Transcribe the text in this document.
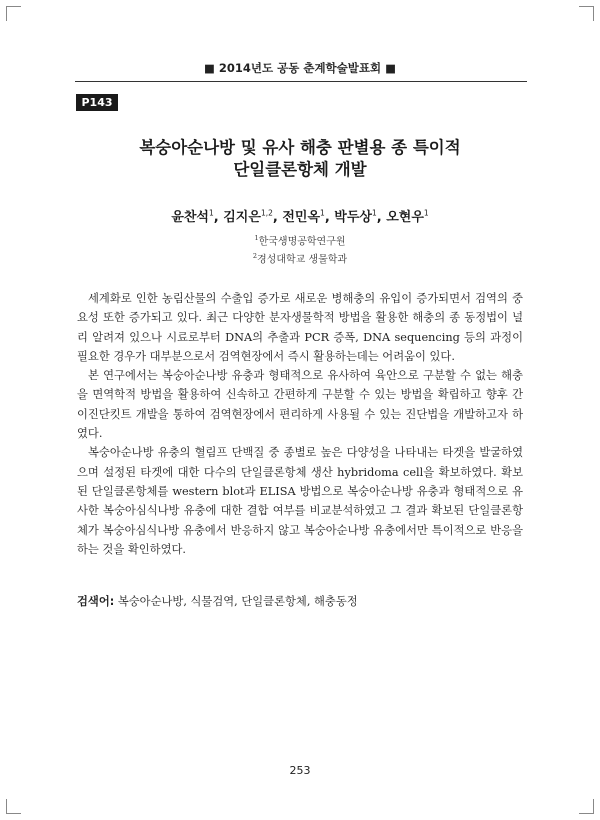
■ 2014년도 공동 춘계학술발표회 ■
P143
복숭아순나방 및 유사 해충 판별용 종 특이적
단일클론항체 개발
윤찬석$^1$, 김지은$^{1,2}$, 전민옥$^1$, 박두상$^1$, 오현우$^1$
$^1$한국생명공학연구원
$^2$경성대학교 생물학과

세계화로 인한 농림산물의 수출입 증가로 새로운 병해충의 유입이 증가되면서 검역의 중요성 또한 증가되고 있다. 최근 다양한 분자생물학적 방법을 활용한 해충의 종 동정법이 널리 알려져 있으나 시료로부터 DNA의 추출과 PCR 증폭, DNA sequencing 등의 과정이 필요한 경우가 대부분으로서 검역현장에서 즉시 활용하는데는 어려움이 있다.

본 연구에서는 복숭아순나방 유충과 형태적으로 유사하여 육안으로 구분할 수 없는 해충을 면역학적 방법을 활용하여 신속하고 간편하게 구분할 수 있는 방법을 확립하고 향후 간이진단킷트 개발을 통하여 검역현장에서 편리하게 사용될 수 있는 진단법을 개발하고자 하였다.

복숭아순나방 유충의 혈림프 단백질 중 종별로 높은 다양성을 나타내는 타겟을 발굴하였으며 설정된 타겟에 대한 다수의 단일클론항체 생산 hybridoma cell을 확보하였다. 확보된 단일클론항체를 western blot과 ELISA 방법으로 복숭아순나방 유충과 형태적으로 유사한 복숭아심식나방 유충에 대한 결합 여부를 비교분석하였고 그 결과 확보된 단일클론항체가 복숭아심식나방 유충에서 반응하지 않고 복숭아순나방 유충에서만 특이적으로 반응을 하는 것을 확인하였다.

검색어: 복숭아순나방, 식물검역, 단일클론항체, 해충동정
253
